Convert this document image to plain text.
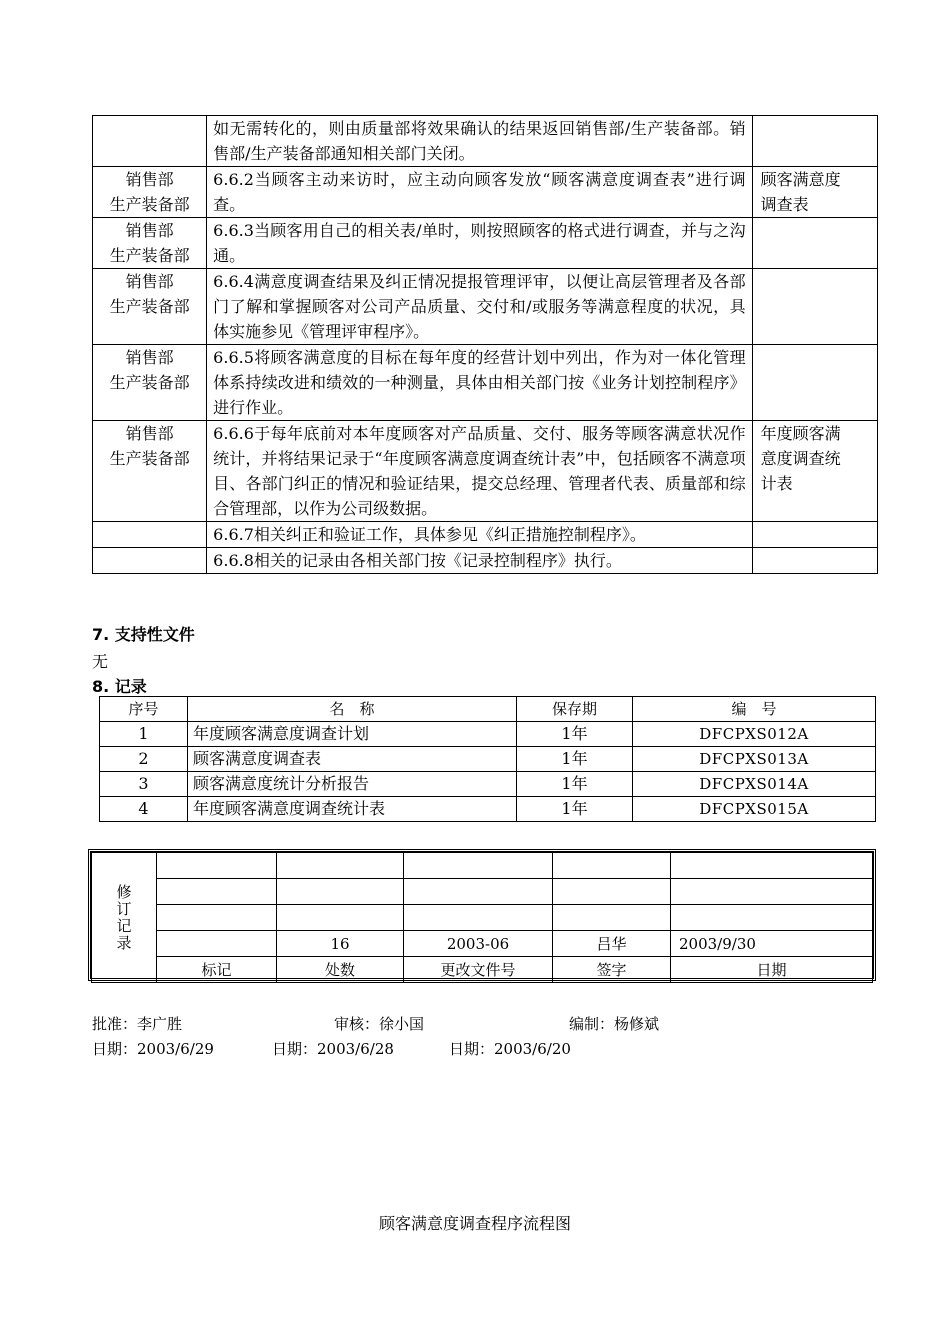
	如无需转化的，则由质量部将效果确认的结果返回销售部/生产装备部。销售部/生产装备部通知相关部门关闭。	

销售部
生产装备部	6.6.2当顾客主动来访时，应主动向顾客发放“顾客满意度调查表”进行调查。	顾客满意度
调查表

销售部
生产装备部	6.6.3当顾客用自己的相关表/单时，则按照顾客的格式进行调查，并与之沟通。	

销售部
生产装备部	6.6.4满意度调查结果及纠正情况提报管理评审，以便让高层管理者及各部门了解和掌握顾客对公司产品质量、交付和/或服务等满意程度的状况，具体实施参见《管理评审程序》。	

销售部
生产装备部	6.6.5将顾客满意度的目标在每年度的经营计划中列出，作为对一体化管理体系持续改进和绩效的一种测量，具体由相关部门按《业务计划控制程序》进行作业。	

销售部
生产装备部	6.6.6于每年底前对本年度顾客对产品质量、交付、服务等顾客满意状况作统计，并将结果记录于“年度顾客满意度调查统计表”中，包括顾客不满意项目、各部门纠正的情况和验证结果，提交总经理、管理者代表、质量部和综合管理部，以作为公司级数据。	年度顾客满
意度调查统
计表

	6.6.7相关纠正和验证工作，具体参见《纠正措施控制程序》。	
	6.6.8相关的记录由各相关部门按《记录控制程序》执行。	
7. 支持性文件
无
8. 记录
序号	名　称	保存期	编　号
1	年度顾客满意度调查计划	1年	DFCPXS012A
2	顾客满意度调查表	1年	DFCPXS013A
3	顾客满意度统计分析报告	1年	DFCPXS014A
4	年度顾客满意度调查统计表	1年	DFCPXS015A
修
订
记
录					

		16	2003-06	吕华	2003/9/30
	标记	处数	更改文件号	签字	日期
批准：李广胜	审核：徐小国	编制：杨修斌
日期：2003/6/29	日期：2003/6/28	日期：2003/6/20
顾客满意度调查程序流程图
